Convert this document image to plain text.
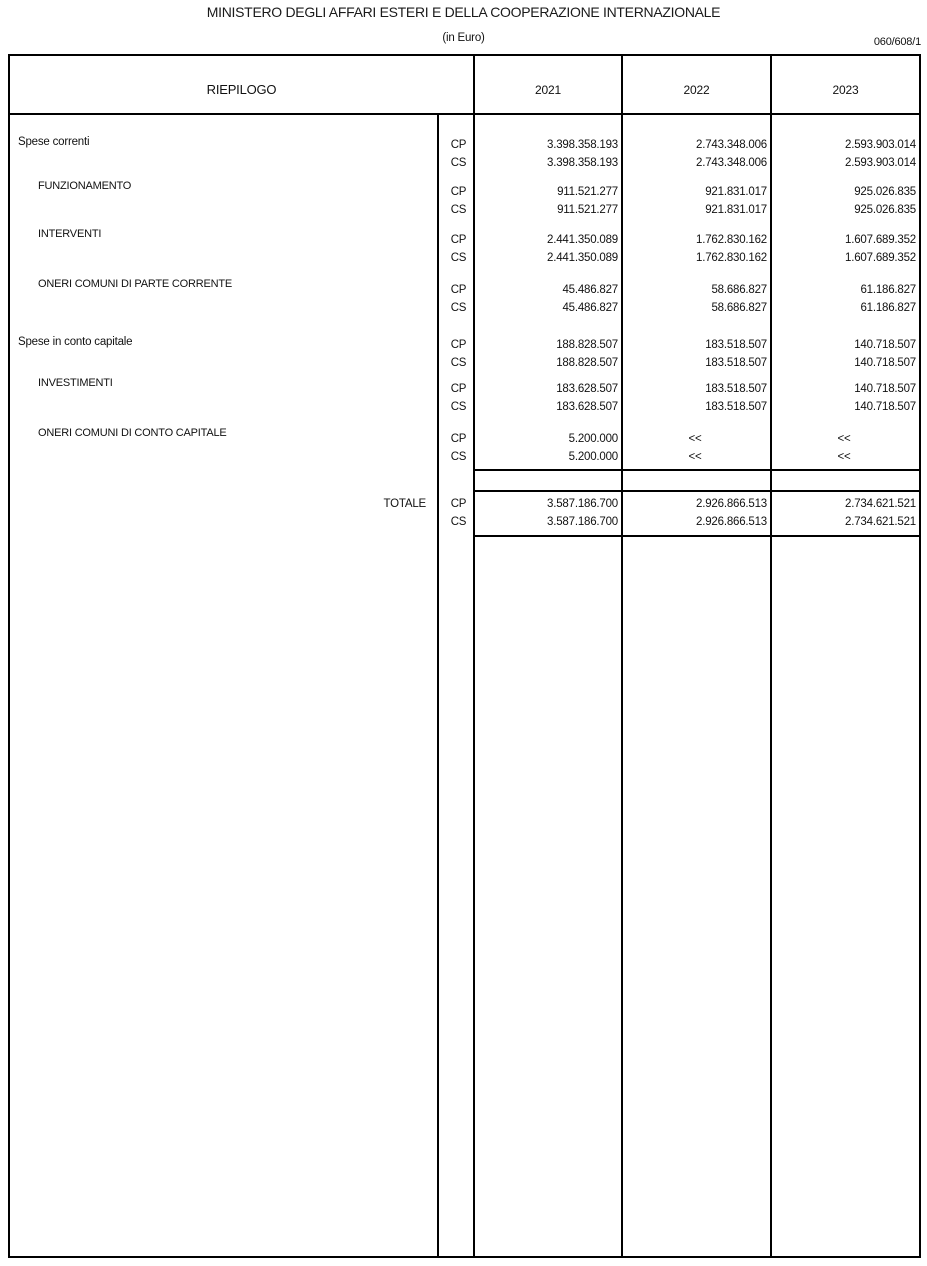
MINISTERO DEGLI AFFARI ESTERI E DELLA COOPERAZIONE INTERNAZIONALE
(in Euro)	060/608/1
RIEPILOGO	2021	2022	2023
Spese correnti	CP	3.398.358.193	2.743.348.006	2.593.903.014
CS	3.398.358.193	2.743.348.006	2.593.903.014
FUNZIONAMENTO	CP	911.521.277	921.831.017	925.026.835
CS	911.521.277	921.831.017	925.026.835
INTERVENTI	CP	2.441.350.089	1.762.830.162	1.607.689.352
CS	2.441.350.089	1.762.830.162	1.607.689.352
ONERI COMUNI DI PARTE CORRENTE	CP	45.486.827	58.686.827	61.186.827
CS	45.486.827	58.686.827	61.186.827
Spese in conto capitale	CP	188.828.507	183.518.507	140.718.507
CS	188.828.507	183.518.507	140.718.507
INVESTIMENTI	CP	183.628.507	183.518.507	140.718.507
CS	183.628.507	183.518.507	140.718.507
ONERI COMUNI DI CONTO CAPITALE	CP	5.200.000	<<	<<
CS	5.200.000	<<	<<
TOTALE	CP	3.587.186.700	2.926.866.513	2.734.621.521
CS	3.587.186.700	2.926.866.513	2.734.621.521
